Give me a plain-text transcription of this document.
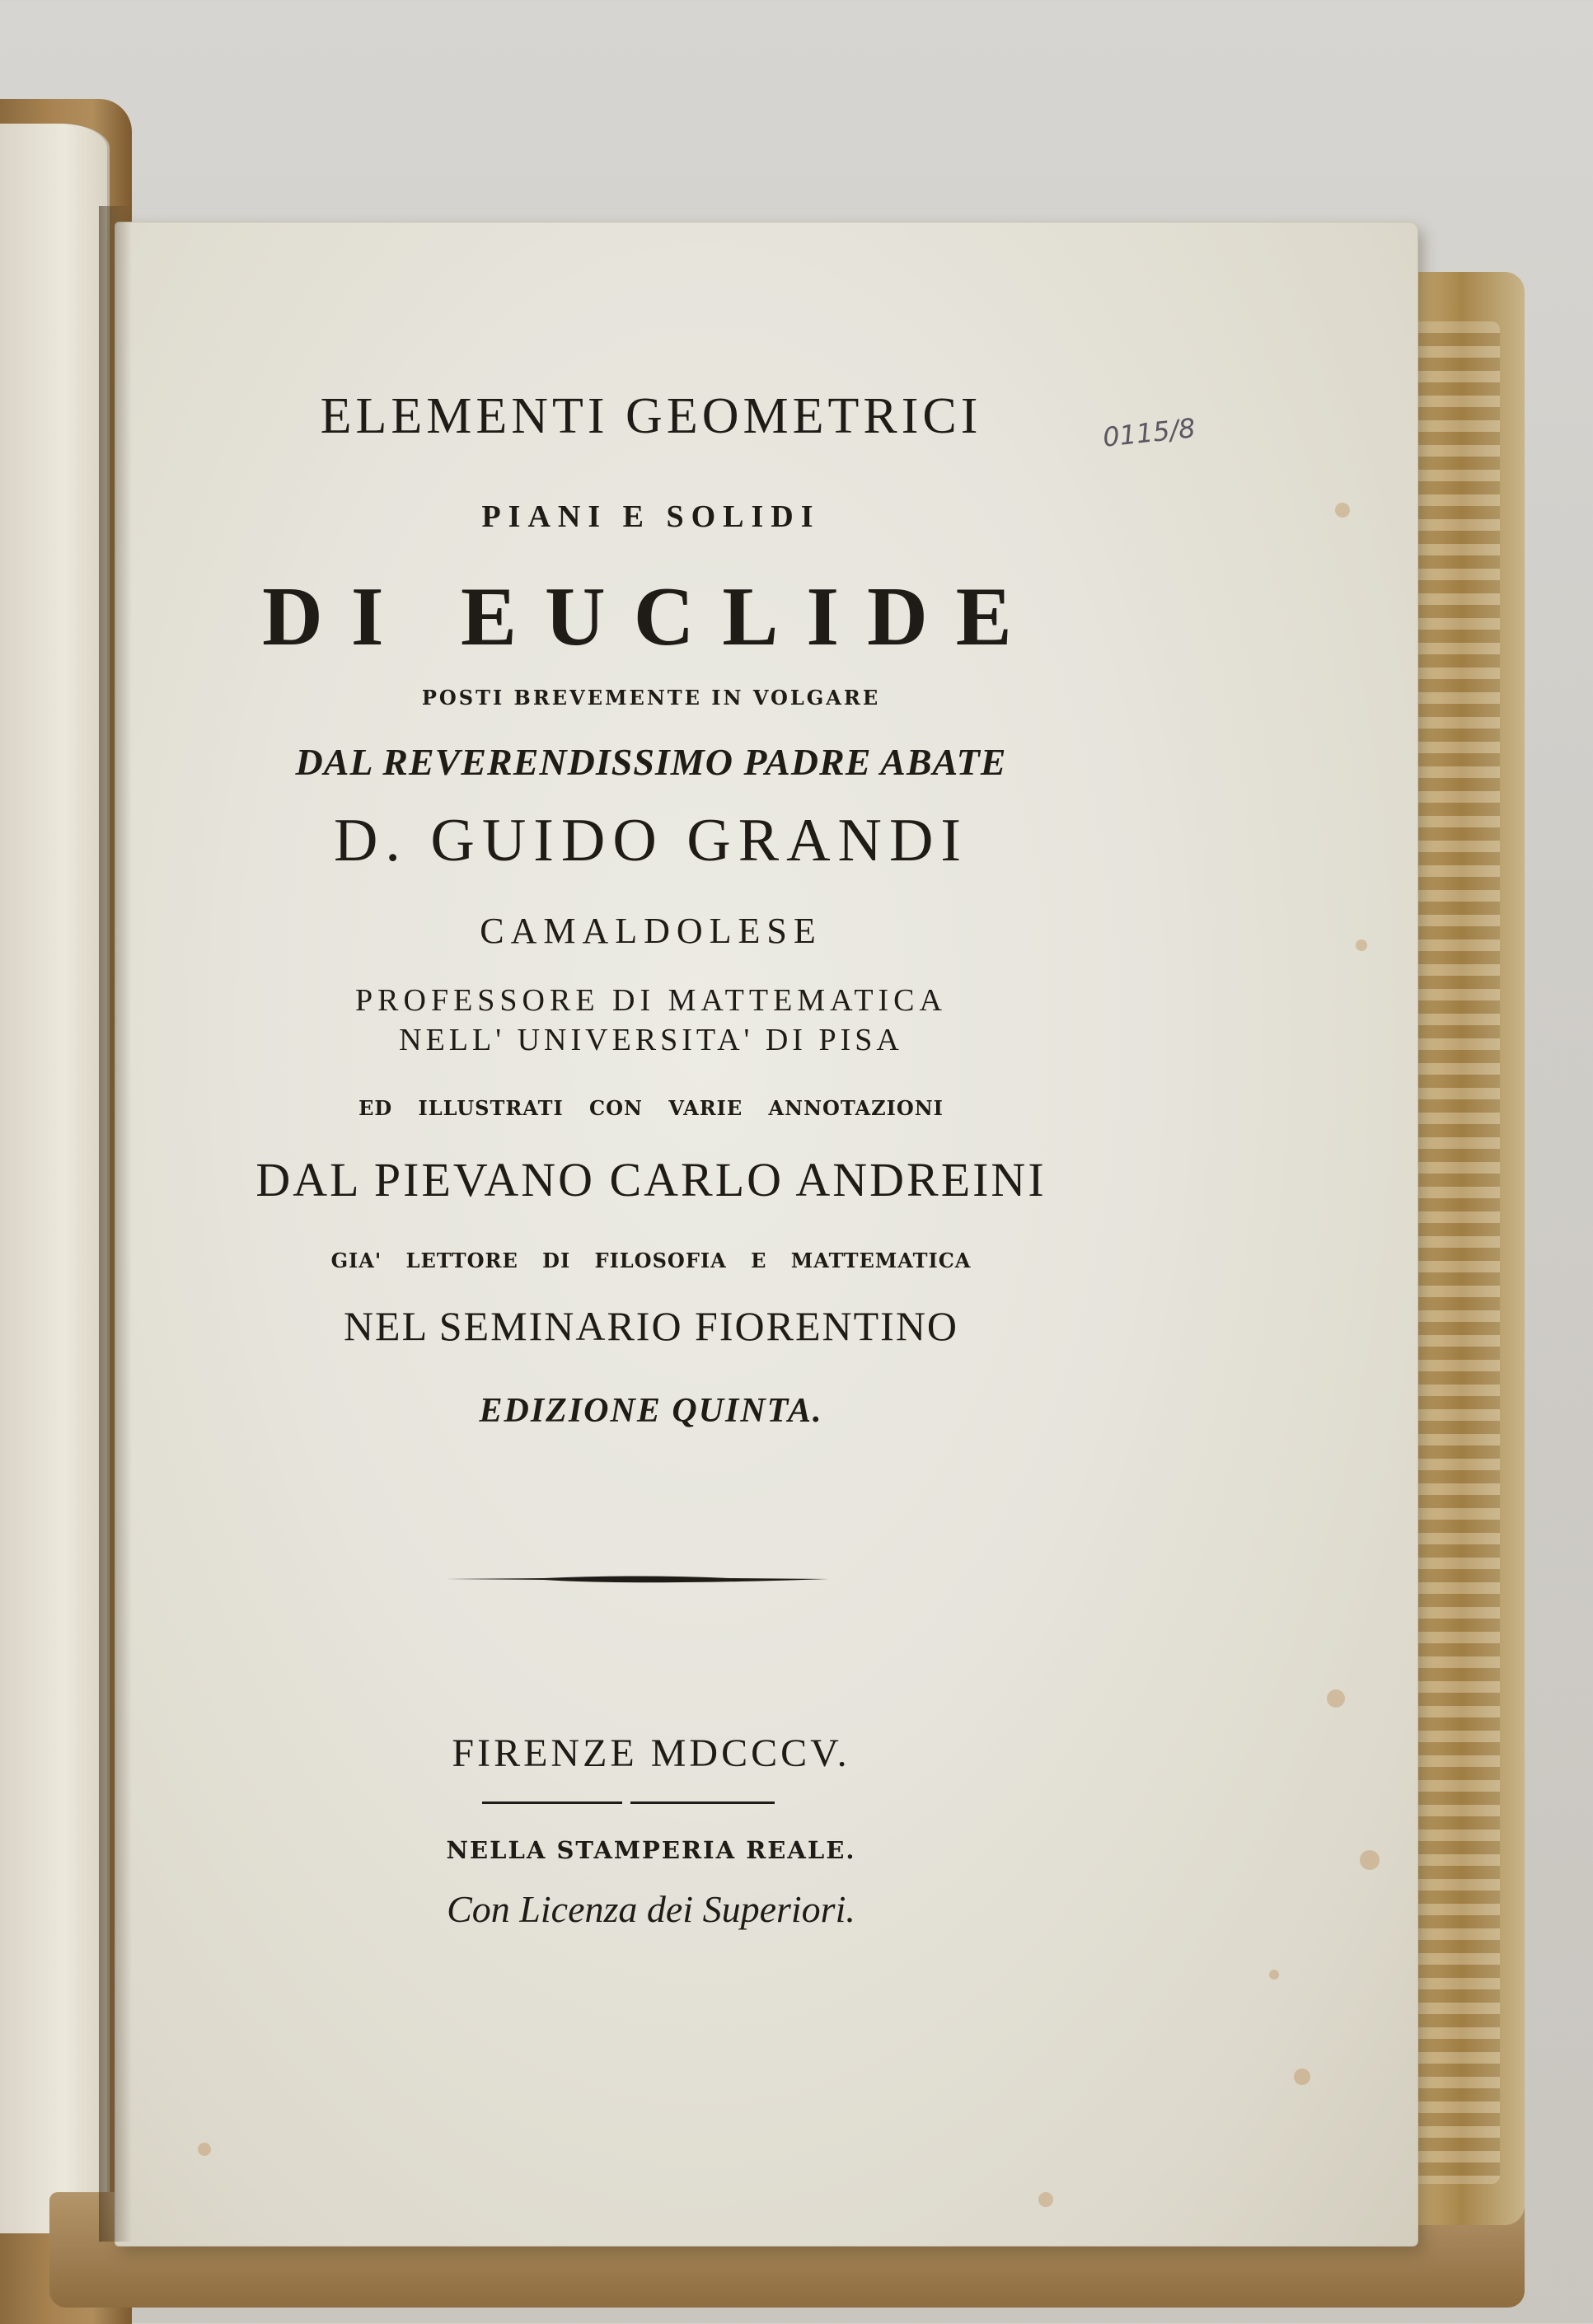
ELEMENTI GEOMETRICI
PIANI E SOLIDI
DI EUCLIDE
POSTI BREVEMENTE IN VOLGARE
DAL REVERENDISSIMO PADRE ABATE
D. GUIDO GRANDI
CAMALDOLESE
PROFESSORE DI MATTEMATICA
NELL' UNIVERSITA' DI PISA
ED ILLUSTRATI CON VARIE ANNOTAZIONI
DAL PIEVANO CARLO ANDREINI
GIA' LETTORE DI FILOSOFIA E MATTEMATICA
NEL SEMINARIO FIORENTINO
EDIZIONE QUINTA.
FIRENZE MDCCCV.
NELLA STAMPERIA REALE.
Con Licenza dei Superiori.
0115/8
